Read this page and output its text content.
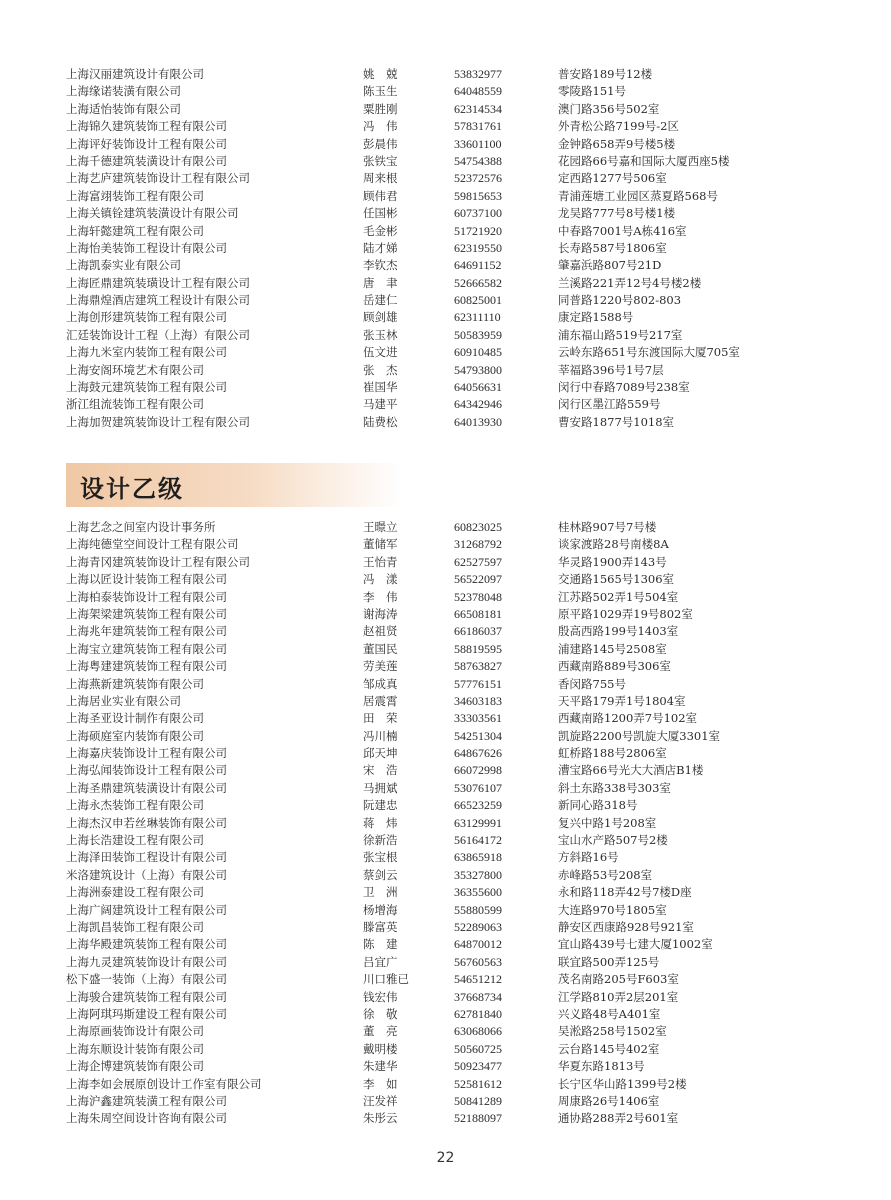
上海汉丽建筑设计有限公司	姚　兢	53832977	普安路189号12楼
上海缘诺装潢有限公司	陈玉生	64048559	零陵路151号
上海适怡装饰有限公司	粟胜刚	62314534	澳门路356号502室
上海锦久建筑装饰工程有限公司	冯　伟	57831761	外青松公路7199号-2区
上海评好装饰设计工程有限公司	彭晨伟	33601100	金钟路658弄9号楼5楼
上海千德建筑装潢设计有限公司	张铁宝	54754388	花园路66号嘉和国际大厦西座5楼
上海艺庐建筑装饰设计工程有限公司	周来根	52372576	定西路1277号506室
上海富翊装饰工程有限公司	顾伟君	59815653	青浦莲塘工业园区蒸夏路568号
上海关镇铨建筑装潢设计有限公司	任国彬	60737100	龙吴路777号8号楼1楼
上海轩懿建筑工程有限公司	毛金彬	51721920	中春路7001号A栋416室
上海怡美装饰工程设计有限公司	陆才娣	62319550	长寿路587号1806室
上海凯泰实业有限公司	李钦杰	64691152	肇嘉浜路807号21D
上海匠鼎建筑装璜设计工程有限公司	唐　聿	52666582	兰溪路221弄12号4号楼2楼
上海鼎煌酒店建筑工程设计有限公司	岳建仁	60825001	同普路1220号802-803
上海创形建筑装饰工程有限公司	顾剑雄	62311110	康定路1588号
汇廷装饰设计工程（上海）有限公司	张玉林	50583959	浦东福山路519号217室
上海九米室内装饰工程有限公司	伍文进	60910485	云岭东路651号东渡国际大厦705室
上海安阁环境艺术有限公司	张　杰	54793800	莘福路396号1号7层
上海鼓元建筑装饰工程有限公司	崔国华	64056631	闵行中春路7089号238室
浙江组流装饰工程有限公司	马建平	64342946	闵行区墨江路559号
上海加贺建筑装饰设计工程有限公司	陆费松	64013930	曹安路1877号1018室
设计乙级
上海艺念之间室内设计事务所	王暻立	60823025	桂林路907号7号楼
上海纯德堂空间设计工程有限公司	董储军	31268792	谈家渡路28号南楼8A
上海青冈建筑装饰设计工程有限公司	王怡青	62527597	华灵路1900弄143号
上海以匠设计装饰工程有限公司	冯　漾	56522097	交通路1565号1306室
上海柏泰装饰设计工程有限公司	李　伟	52378048	江苏路502弄1号504室
上海架梁建筑装饰工程有限公司	谢海涛	66508181	原平路1029弄19号802室
上海兆年建筑装饰工程有限公司	赵祖贤	66186037	殷高西路199号1403室
上海宝立建筑装饰工程有限公司	董国民	58819595	浦建路145号2508室
上海粤建建筑装饰工程有限公司	劳美莲	58763827	西藏南路889号306室
上海燕新建筑装饰有限公司	邹成真	57776151	香闵路755号
上海居业实业有限公司	居震霄	34603183	天平路179弄1号1804室
上海圣亚设计制作有限公司	田　荣	33303561	西藏南路1200弄7号102室
上海硕庭室内装饰有限公司	冯川楠	54251304	凯旋路2200号凯旋大厦3301室
上海嘉庆装饰设计工程有限公司	邱天坤	64867626	虹桥路188号2806室
上海弘闻装饰设计工程有限公司	宋　浩	66072998	漕宝路66号光大大酒店B1楼
上海圣鼎建筑装潢设计有限公司	马拥斌	53076107	斜土东路338号303室
上海永杰装饰工程有限公司	阮建忠	66523259	新同心路318号
上海杰汉申若丝琳装饰有限公司	蒋　炜	63129991	复兴中路1号208室
上海长浩建设工程有限公司	徐新浩	56164172	宝山水产路507号2楼
上海泽田装饰工程设计有限公司	张宝根	63865918	方斜路16号
米洛建筑设计（上海）有限公司	蔡剑云	35327800	赤峰路53号208室
上海洲泰建设工程有限公司	卫　洲	36355600	永和路118弄42号7楼D座
上海广阔建筑设计工程有限公司	杨增海	55880599	大连路970号1805室
上海凯昌装饰工程有限公司	滕富英	52289063	静安区西康路928号921室
上海华殿建筑装饰工程有限公司	陈　建	64870012	宜山路439号七建大厦1002室
上海九灵建筑装饰设计有限公司	吕宜广	56760563	联宜路500弄125号
松下盛一装饰（上海）有限公司	川口雅已	54651212	茂名南路205号F603室
上海骏合建筑装饰工程有限公司	钱宏伟	37668734	江学路810弄2层201室
上海阿琪玛斯建设工程有限公司	徐　敬	62781840	兴义路48号A401室
上海原画装饰设计有限公司	董　亮	63068066	吴淞路258号1502室
上海东顺设计装饰有限公司	戴明楼	50560725	云台路145号402室
上海企博建筑装饰有限公司	朱建华	50923477	华夏东路1813号
上海李如会展原创设计工作室有限公司	李　如	52581612	长宁区华山路1399号2楼
上海沪鑫建筑装潢工程有限公司	汪发祥	50841289	周康路26号1406室
上海朱周空间设计咨询有限公司	朱彤云	52188097	通协路288弄2号601室
22
